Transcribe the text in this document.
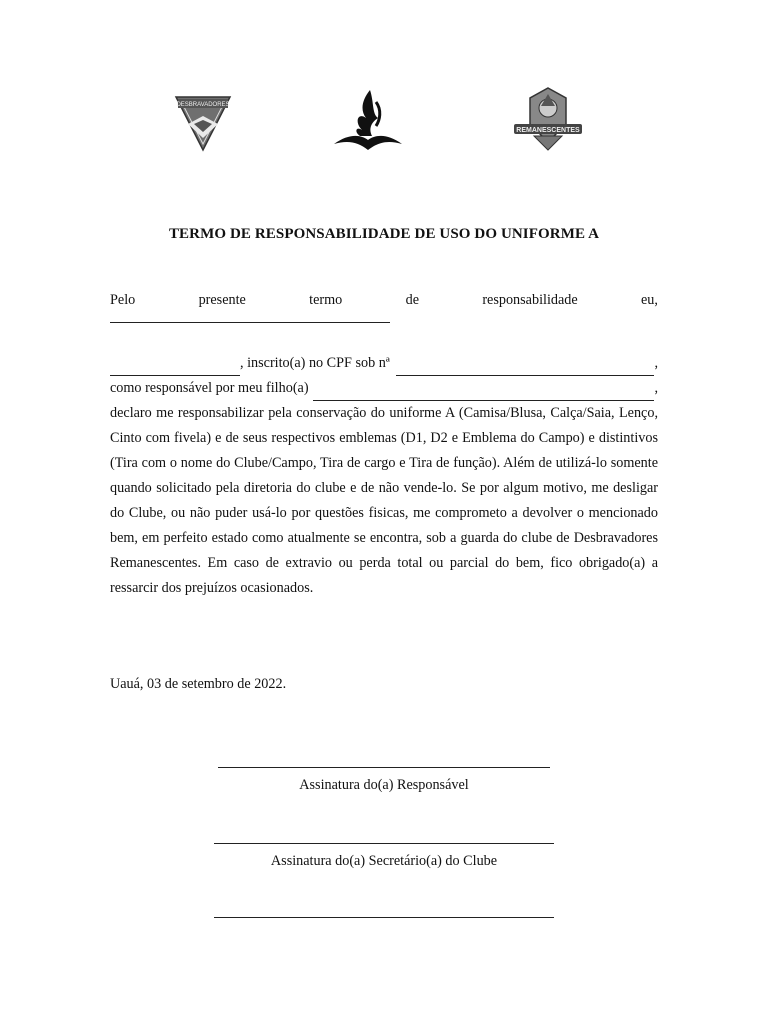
DESBRAVADORES
REMANESCENTES
TERMO DE RESPONSABILIDADE DE USO DO UNIFORME A
Pelo	presente	termo	de	responsabilidade	eu,
, inscrito(a) no CPF sob nª	,
como responsável por meu filho(a)	,
declaro me responsabilizar pela conservação do uniforme A (Camisa/Blusa, Calça/Saia, Lenço, Cinto com fivela) e de seus respectivos emblemas (D1, D2 e Emblema do Campo) e distintivos (Tira com o nome do Clube/Campo, Tira de cargo e Tira de função). Além de utilizá-lo somente quando solicitado pela diretoria do clube e de não vende-lo. Se por algum motivo, me desligar do Clube, ou não puder usá-lo por questões fisicas, me comprometo a devolver o mencionado bem, em perfeito estado como atualmente se encontra, sob a guarda do clube de Desbravadores Remanescentes. Em caso de extravio ou perda total ou parcial do bem, fico obrigado(a) a ressarcir dos prejuízos ocasionados.
Uauá, 03 de setembro de 2022.
Assinatura do(a) Responsável
Assinatura do(a) Secretário(a) do Clube
